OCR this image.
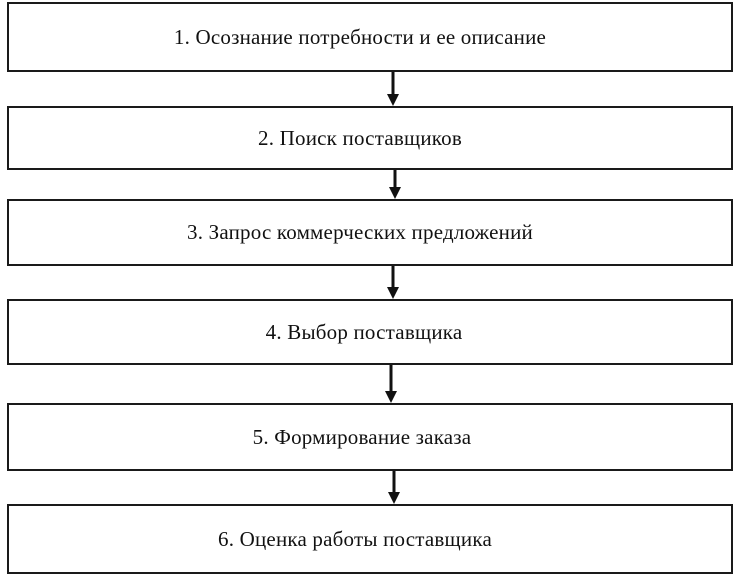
1. Осознание потребности и ее описание
2. Поиск поставщиков
3. Запрос коммерческих предложений
4. Выбор поставщика
5. Формирование заказа
6. Оценка работы поставщика
